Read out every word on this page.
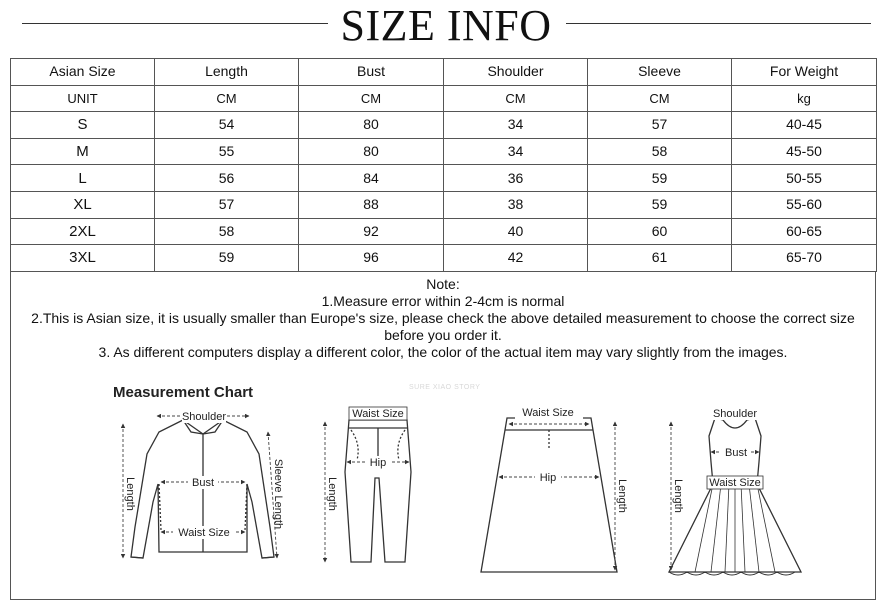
SIZE INFO
Asian Size	Length	Bust	Shoulder	Sleeve	For Weight
UNIT	CM	CM	CM	CM	kg
S	54	80	34	57	40-45
M	55	80	34	58	45-50
L	56	84	36	59	50-55
XL	57	88	38	59	55-60
2XL	58	92	40	60	60-65
3XL	59	96	42	61	65-70
Note:
1.Measure error within 2-4cm is normal
2.This is Asian size, it is usually smaller than Europe's size, please check the above detailed measurement to choose the correct size
before you order it.
3. As different computers display a different color, the color of the actual item may vary slightly from the images.
Measurement Chart	SURE XIAO STORY
Shoulder
Bust
Waist Size
Length	Sleeve Length
Waist Size
Hip
Length
Waist Size
Hip
Length
Shoulder
Bust
Waist Size
Length
